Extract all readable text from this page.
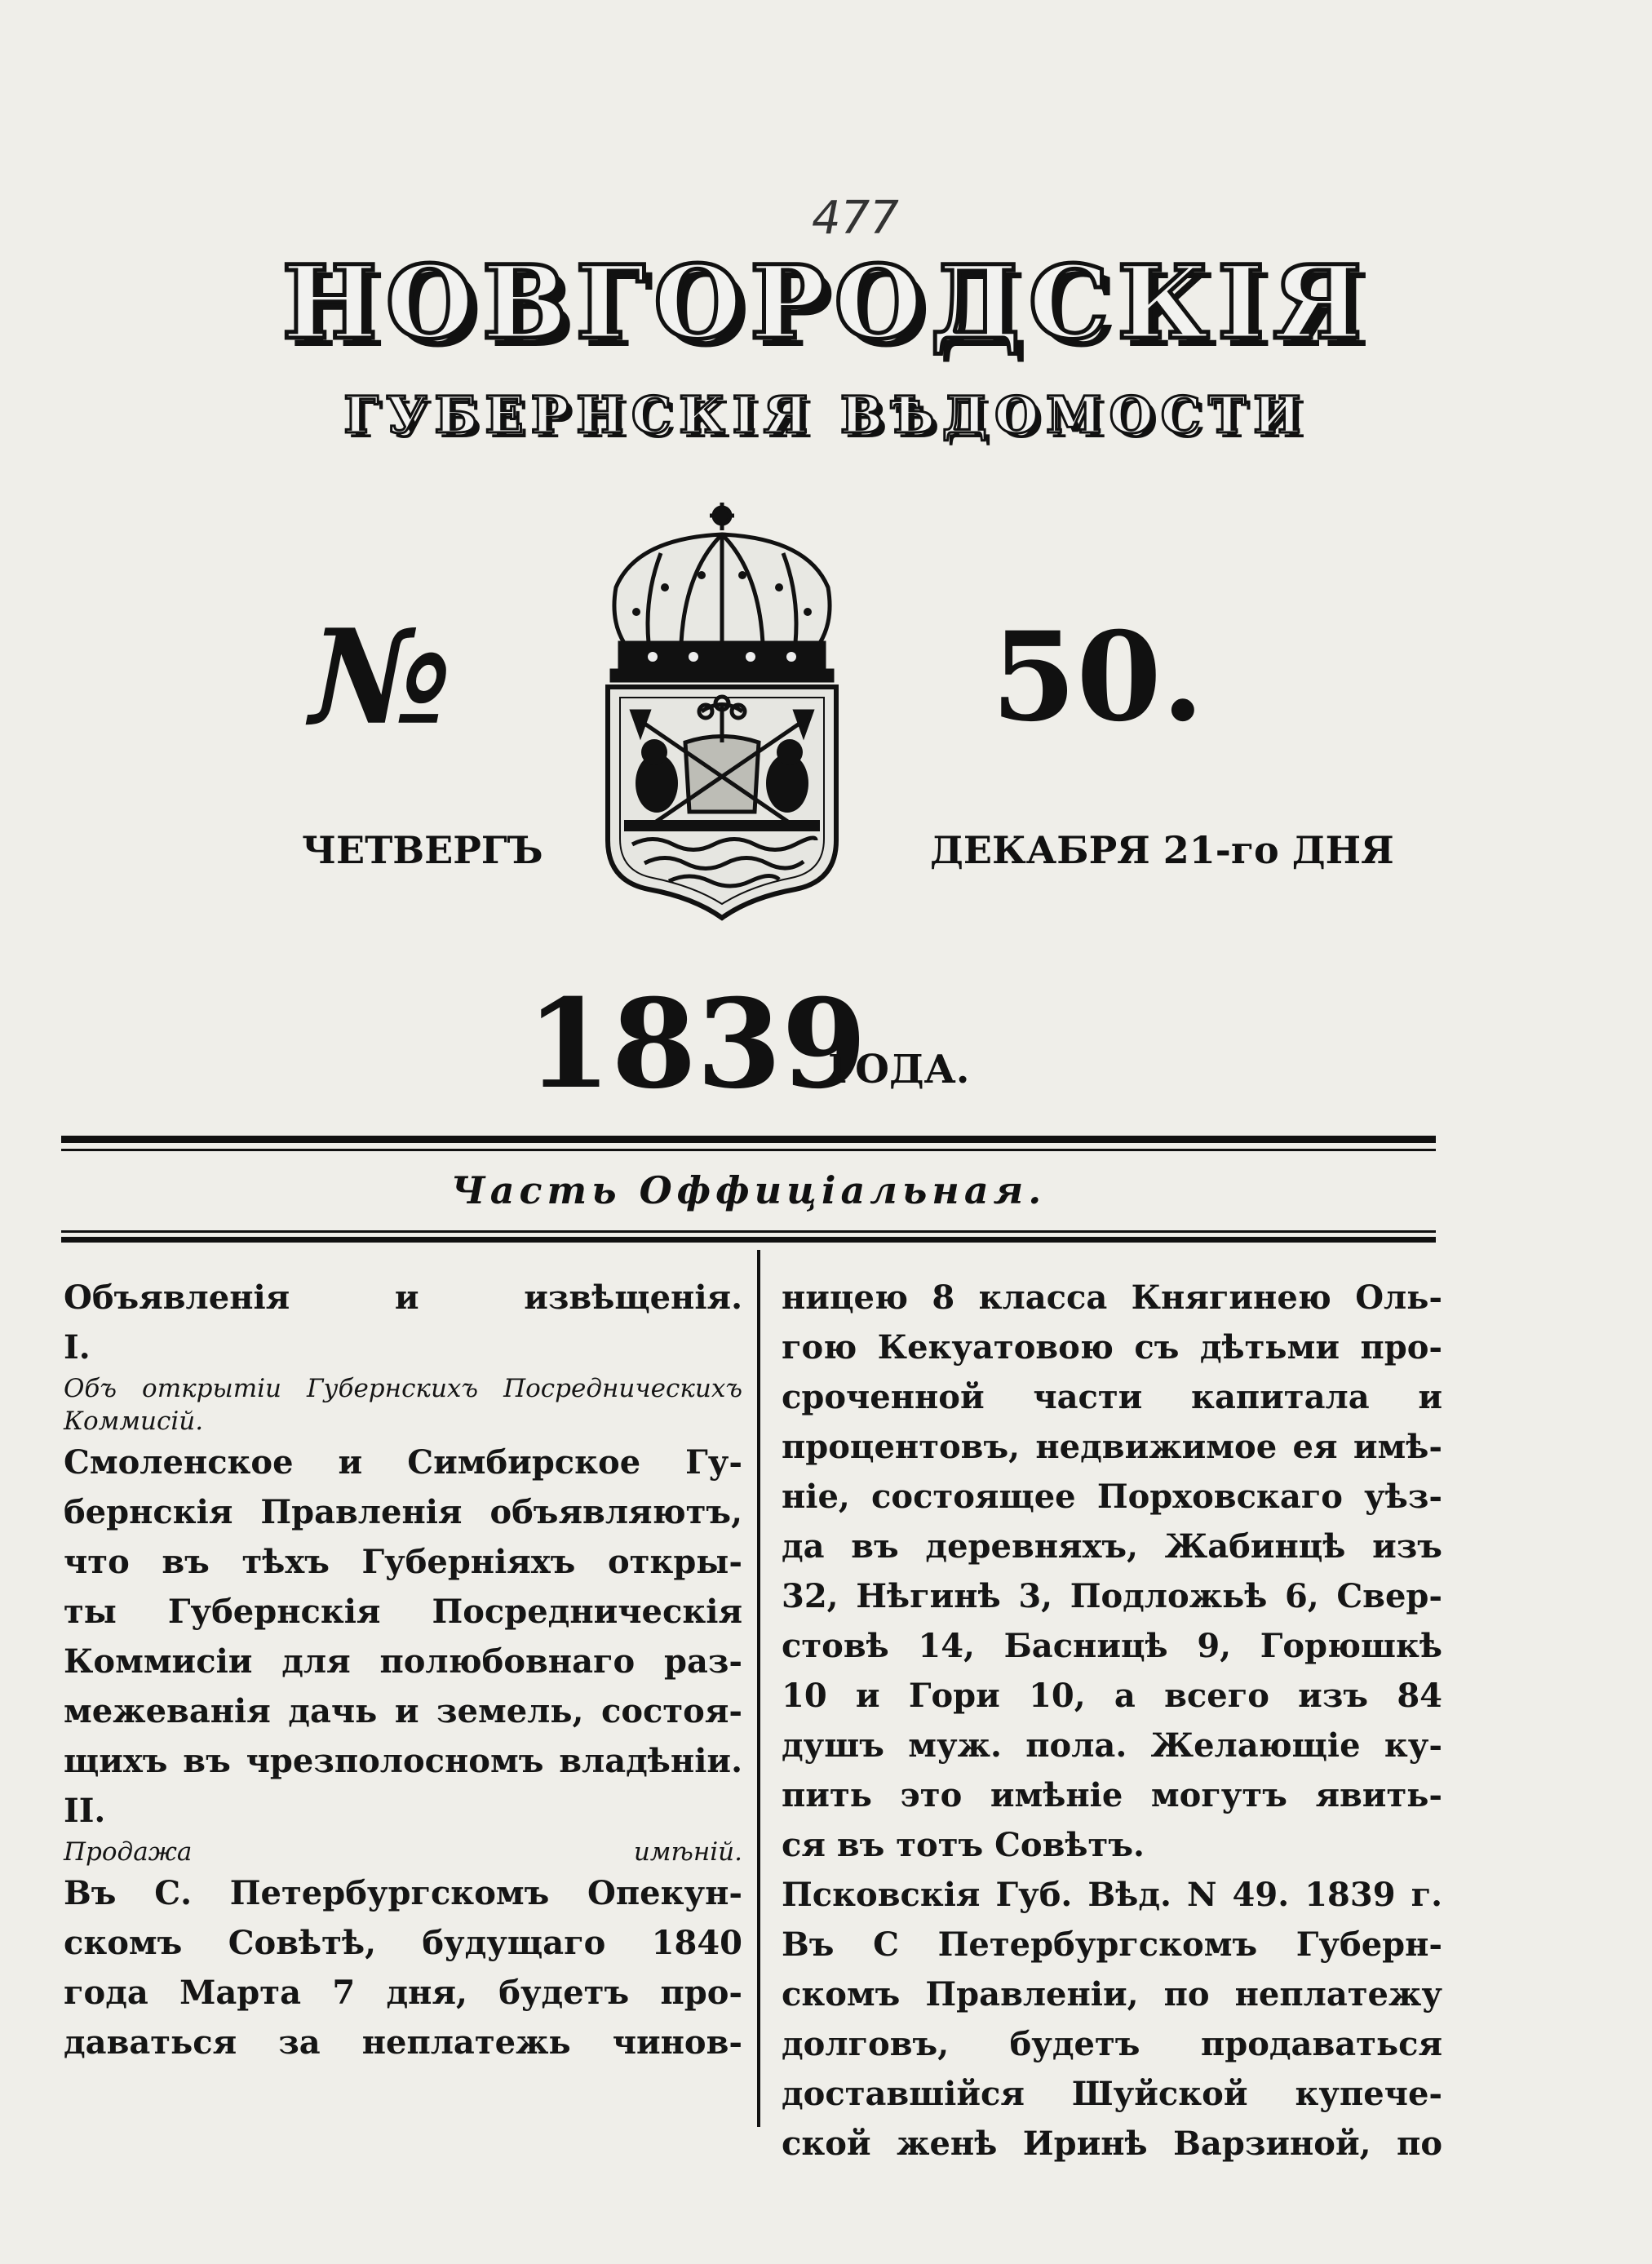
477
НОВГОРОДСКІЯ
ГУБЕРНСКІЯ ВѢДОМОСТИ
№	50.
ЧЕТВЕРГЪ	ДЕКАБРЯ 21-го ДНЯ
1839
ГОДА.
Часть Оффиціальная.

Объявленія и извѣщенія.

I.

Объ открытіи Губернскихъ Посредническихъ Коммисій.

Смоленское и Симбирское Гу-

бернскія Правленія объявляютъ,

что въ тѣхъ Губерніяхъ откры-

ты Губернскія Посредническія

Коммисіи для полюбовнаго раз-

межеванія дачь и земель, состоя-

щихъ въ чрезполосномъ владѣніи.

II.

Продажа имѣній.

Въ С. Петербургскомъ Опекун-

скомъ Совѣтѣ, будущаго 1840

года Марта 7 дня, будетъ про-

даваться за неплатежь чинов-

ницею 8 класса Княгинею Оль-

гою Кекуатовою съ дѣтьми про-

сроченной части капитала и

процентовъ, недвижимое ея имѣ-

ніе, состоящее Порховскаго уѣз-

да въ деревняхъ, Жабинцѣ изъ

32, Нѣгинѣ 3, Подложьѣ 6, Свер-

стовѣ 14, Басницѣ 9, Горюшкѣ

10 и Гори 10, а всего изъ 84

душъ муж. пола. Желающіе ку-

пить это имѣніе могутъ явить-

ся въ тотъ Совѣтъ.

Псковскія Губ. Вѣд. N 49. 1839 г.

Въ С Петербургскомъ Губерн-

скомъ Правленіи, по неплатежу

долговъ, будетъ продаваться

доставшійся Шуйской купече-

ской женѣ Иринѣ Варзиной, по
